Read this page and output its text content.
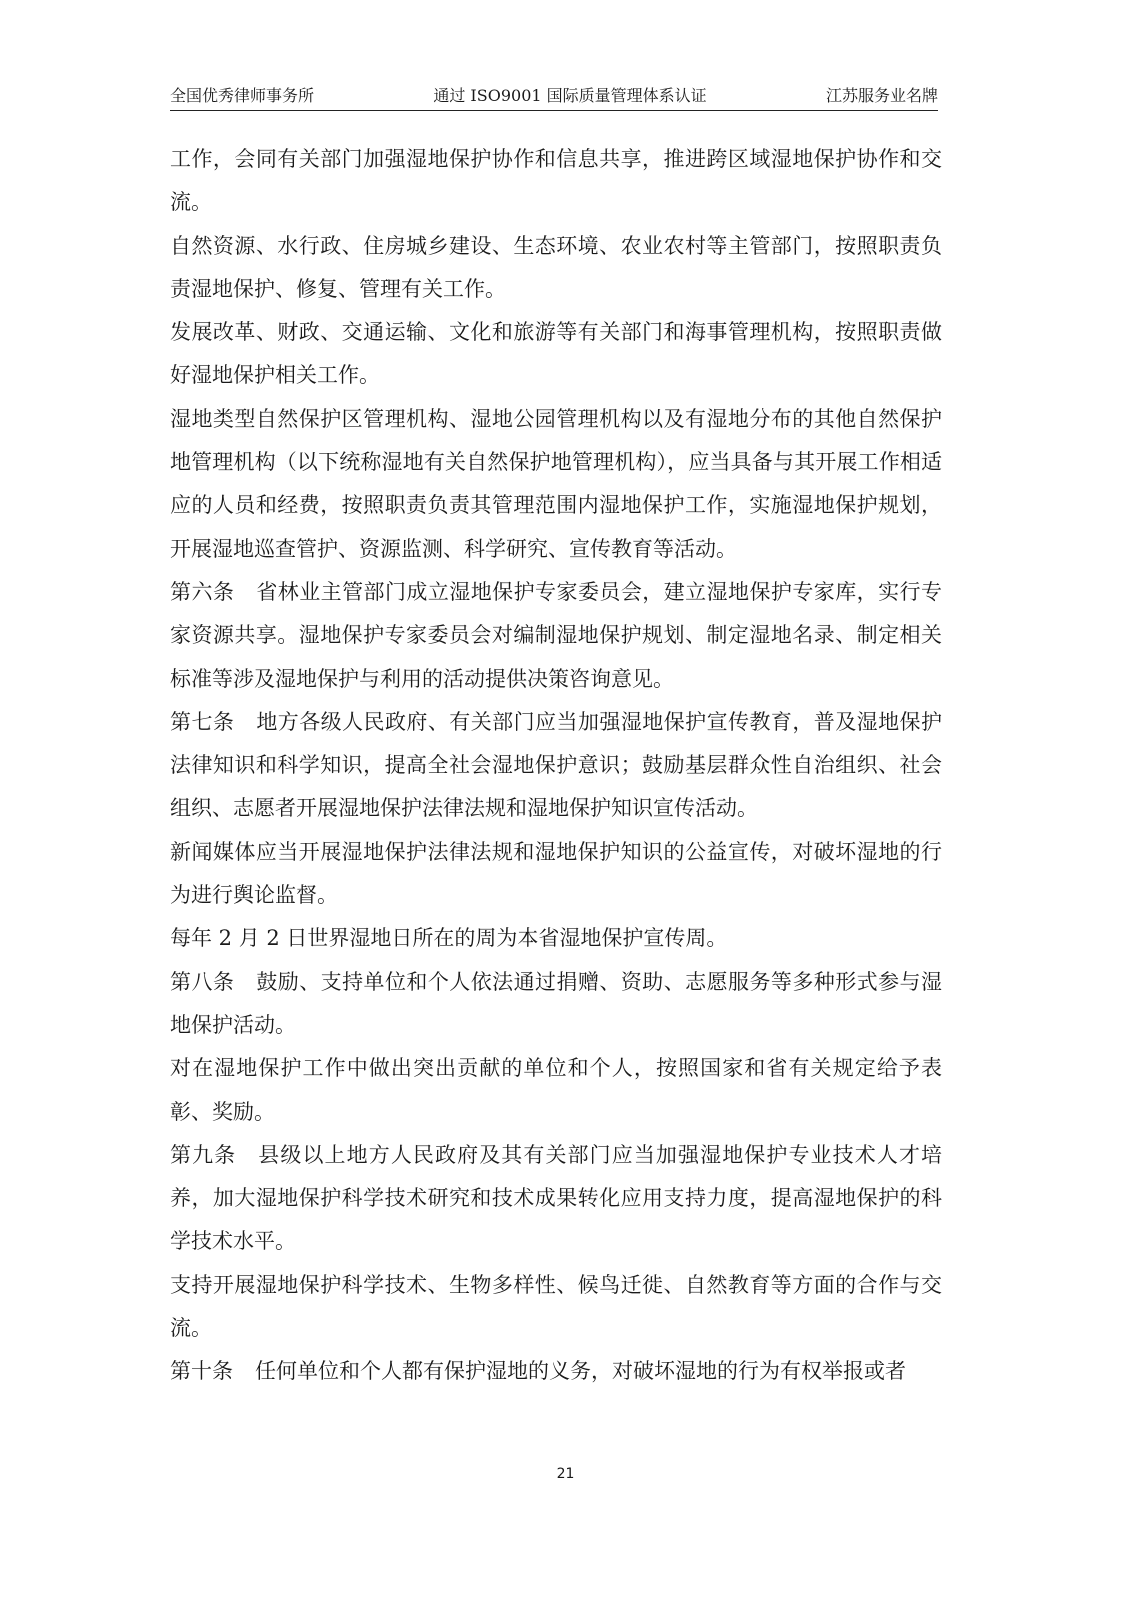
全国优秀律师事务所	通过 ISO9001 国际质量管理体系认证	江苏服务业名牌

工作，会同有关部门加强湿地保护协作和信息共享，推进跨区域湿地保护协作和交流。

自然资源、水行政、住房城乡建设、生态环境、农业农村等主管部门，按照职责负责湿地保护、修复、管理有关工作。

发展改革、财政、交通运输、文化和旅游等有关部门和海事管理机构，按照职责做好湿地保护相关工作。

湿地类型自然保护区管理机构、湿地公园管理机构以及有湿地分布的其他自然保护地管理机构（以下统称湿地有关自然保护地管理机构），应当具备与其开展工作相适应的人员和经费，按照职责负责其管理范围内湿地保护工作，实施湿地保护规划，开展湿地巡查管护、资源监测、科学研究、宣传教育等活动。

第六条 省林业主管部门成立湿地保护专家委员会，建立湿地保护专家库，实行专家资源共享。湿地保护专家委员会对编制湿地保护规划、制定湿地名录、制定相关标准等涉及湿地保护与利用的活动提供决策咨询意见。

第七条 地方各级人民政府、有关部门应当加强湿地保护宣传教育，普及湿地保护法律知识和科学知识，提高全社会湿地保护意识；鼓励基层群众性自治组织、社会组织、志愿者开展湿地保护法律法规和湿地保护知识宣传活动。

新闻媒体应当开展湿地保护法律法规和湿地保护知识的公益宣传，对破坏湿地的行为进行舆论监督。

每年 2 月 2 日世界湿地日所在的周为本省湿地保护宣传周。

第八条 鼓励、支持单位和个人依法通过捐赠、资助、志愿服务等多种形式参与湿地保护活动。

对在湿地保护工作中做出突出贡献的单位和个人，按照国家和省有关规定给予表彰、奖励。

第九条 县级以上地方人民政府及其有关部门应当加强湿地保护专业技术人才培养，加大湿地保护科学技术研究和技术成果转化应用支持力度，提高湿地保护的科学技术水平。

支持开展湿地保护科学技术、生物多样性、候鸟迁徙、自然教育等方面的合作与交流。

第十条 任何单位和个人都有保护湿地的义务，对破坏湿地的行为有权举报或者

21
